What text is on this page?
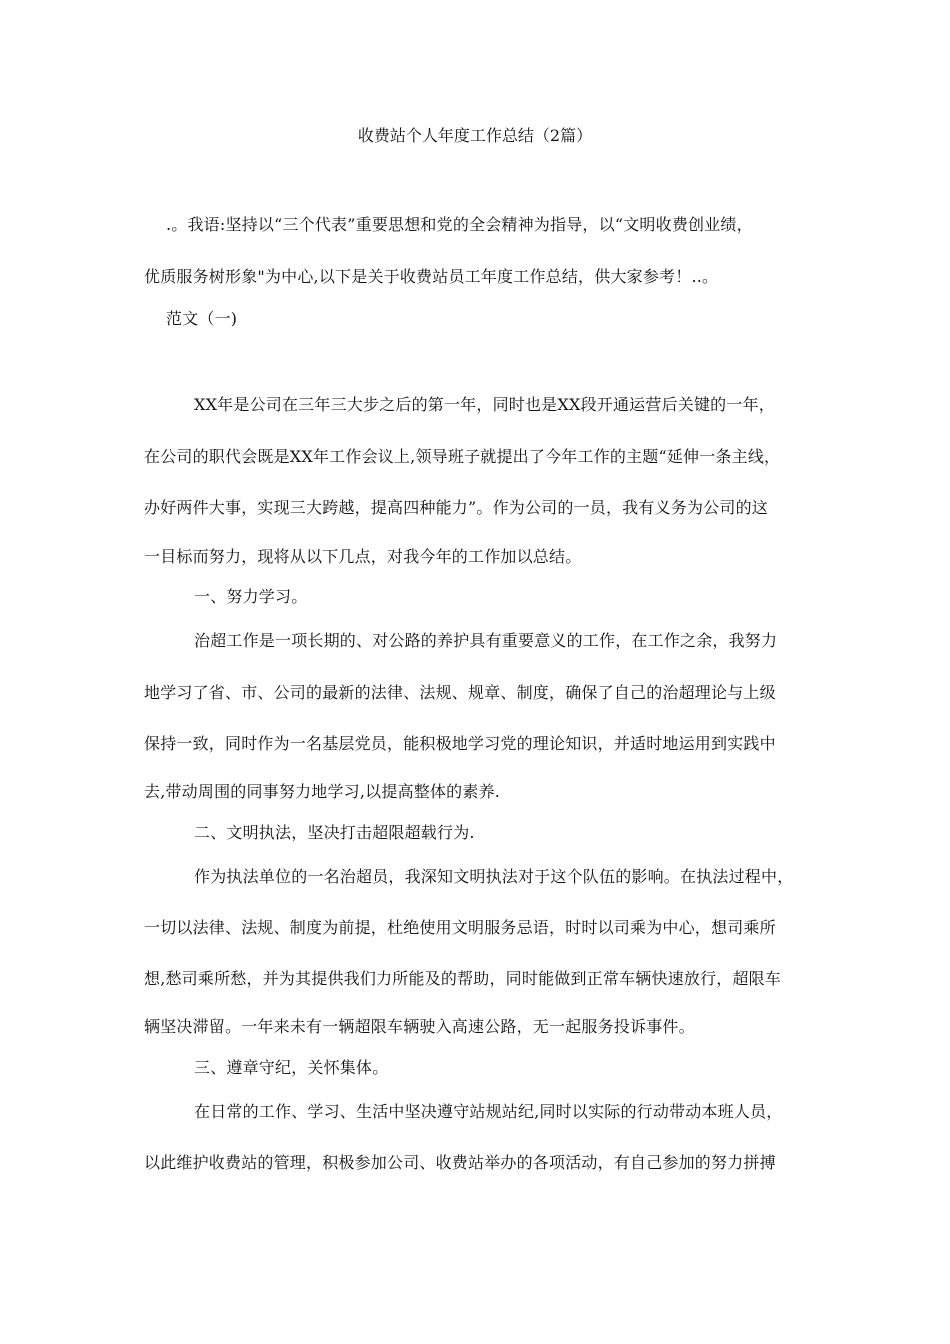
收费站个人年度工作总结（2篇）
.。我语:坚持以“三个代表”重要思想和党的全会精神为指导，以“文明收费创业绩，
优质服务树形象"为中心,以下是关于收费站员工年度工作总结，供大家参考！..。
范文（一)
XX年是公司在三年三大步之后的第一年，同时也是XX段开通运营后关键的一年，
在公司的职代会既是XX年工作会议上,领导班子就提出了今年工作的主题“延伸一条主线，
办好两件大事，实现三大跨越，提高四种能力”。作为公司的一员，我有义务为公司的这
一目标而努力，现将从以下几点，对我今年的工作加以总结。
一、努力学习。
治超工作是一项长期的、对公路的养护具有重要意义的工作，在工作之余，我努力
地学习了省、市、公司的最新的法律、法规、规章、制度，确保了自己的治超理论与上级
保持一致，同时作为一名基层党员，能积极地学习党的理论知识，并适时地运用到实践中
去,带动周围的同事努力地学习,以提高整体的素养.
二、文明执法，坚决打击超限超载行为.
作为执法单位的一名治超员，我深知文明执法对于这个队伍的影响。在执法过程中，
一切以法律、法规、制度为前提，杜绝使用文明服务忌语，时时以司乘为中心，想司乘所
想,愁司乘所愁，并为其提供我们力所能及的帮助，同时能做到正常车辆快速放行，超限车
辆坚决滞留。一年来未有一辆超限车辆驶入高速公路，无一起服务投诉事件。
三、遵章守纪，关怀集体。
在日常的工作、学习、生活中坚决遵守站规站纪,同时以实际的行动带动本班人员，
以此维护收费站的管理，积极参加公司、收费站举办的各项活动，有自己参加的努力拼搏
